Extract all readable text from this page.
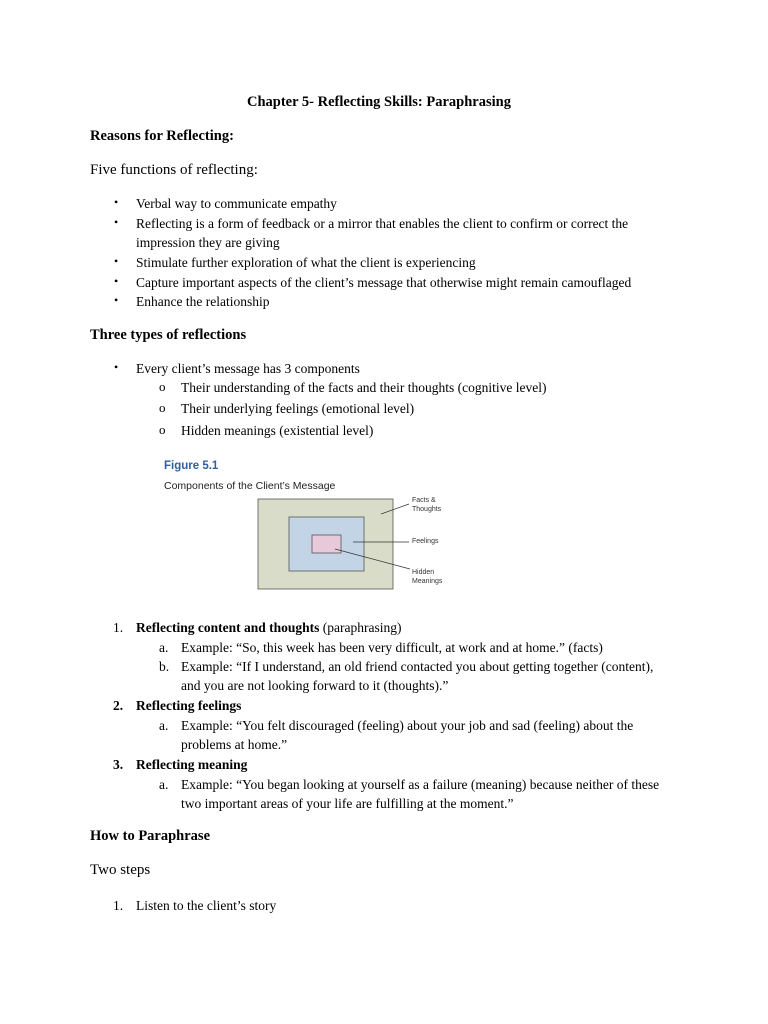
Chapter 5- Reflecting Skills: Paraphrasing
Reasons for Reflecting:
Five functions of reflecting:
• Verbal way to communicate empathy
• Reflecting is a form of feedback or a mirror that enables the client to confirm or correct the
impression they are giving
• Stimulate further exploration of what the client is experiencing
• Capture important aspects of the client’s message that otherwise might remain camouflaged
• Enhance the relationship
Three types of reflections
• Every client’s message has 3 components
o Their understanding of the facts and their thoughts (cognitive level)
o Their underlying feelings (emotional level)
o Hidden meanings (existential level)
Figure 5.1
Components of the Client’s Message
Facts &
Thoughts
Feelings
Hidden
Meanings
1. Reflecting content and thoughts (paraphrasing)
a. Example: “So, this week has been very difficult, at work and at home.” (facts)
b. Example: “If I understand, an old friend contacted you about getting together (content),
and you are not looking forward to it (thoughts).”
2. Reflecting feelings
a. Example: “You felt discouraged (feeling) about your job and sad (feeling) about the
problems at home.”
3. Reflecting meaning
a. Example: “You began looking at yourself as a failure (meaning) because neither of these
two important areas of your life are fulfilling at the moment.”
How to Paraphrase
Two steps
1. Listen to the client’s story
